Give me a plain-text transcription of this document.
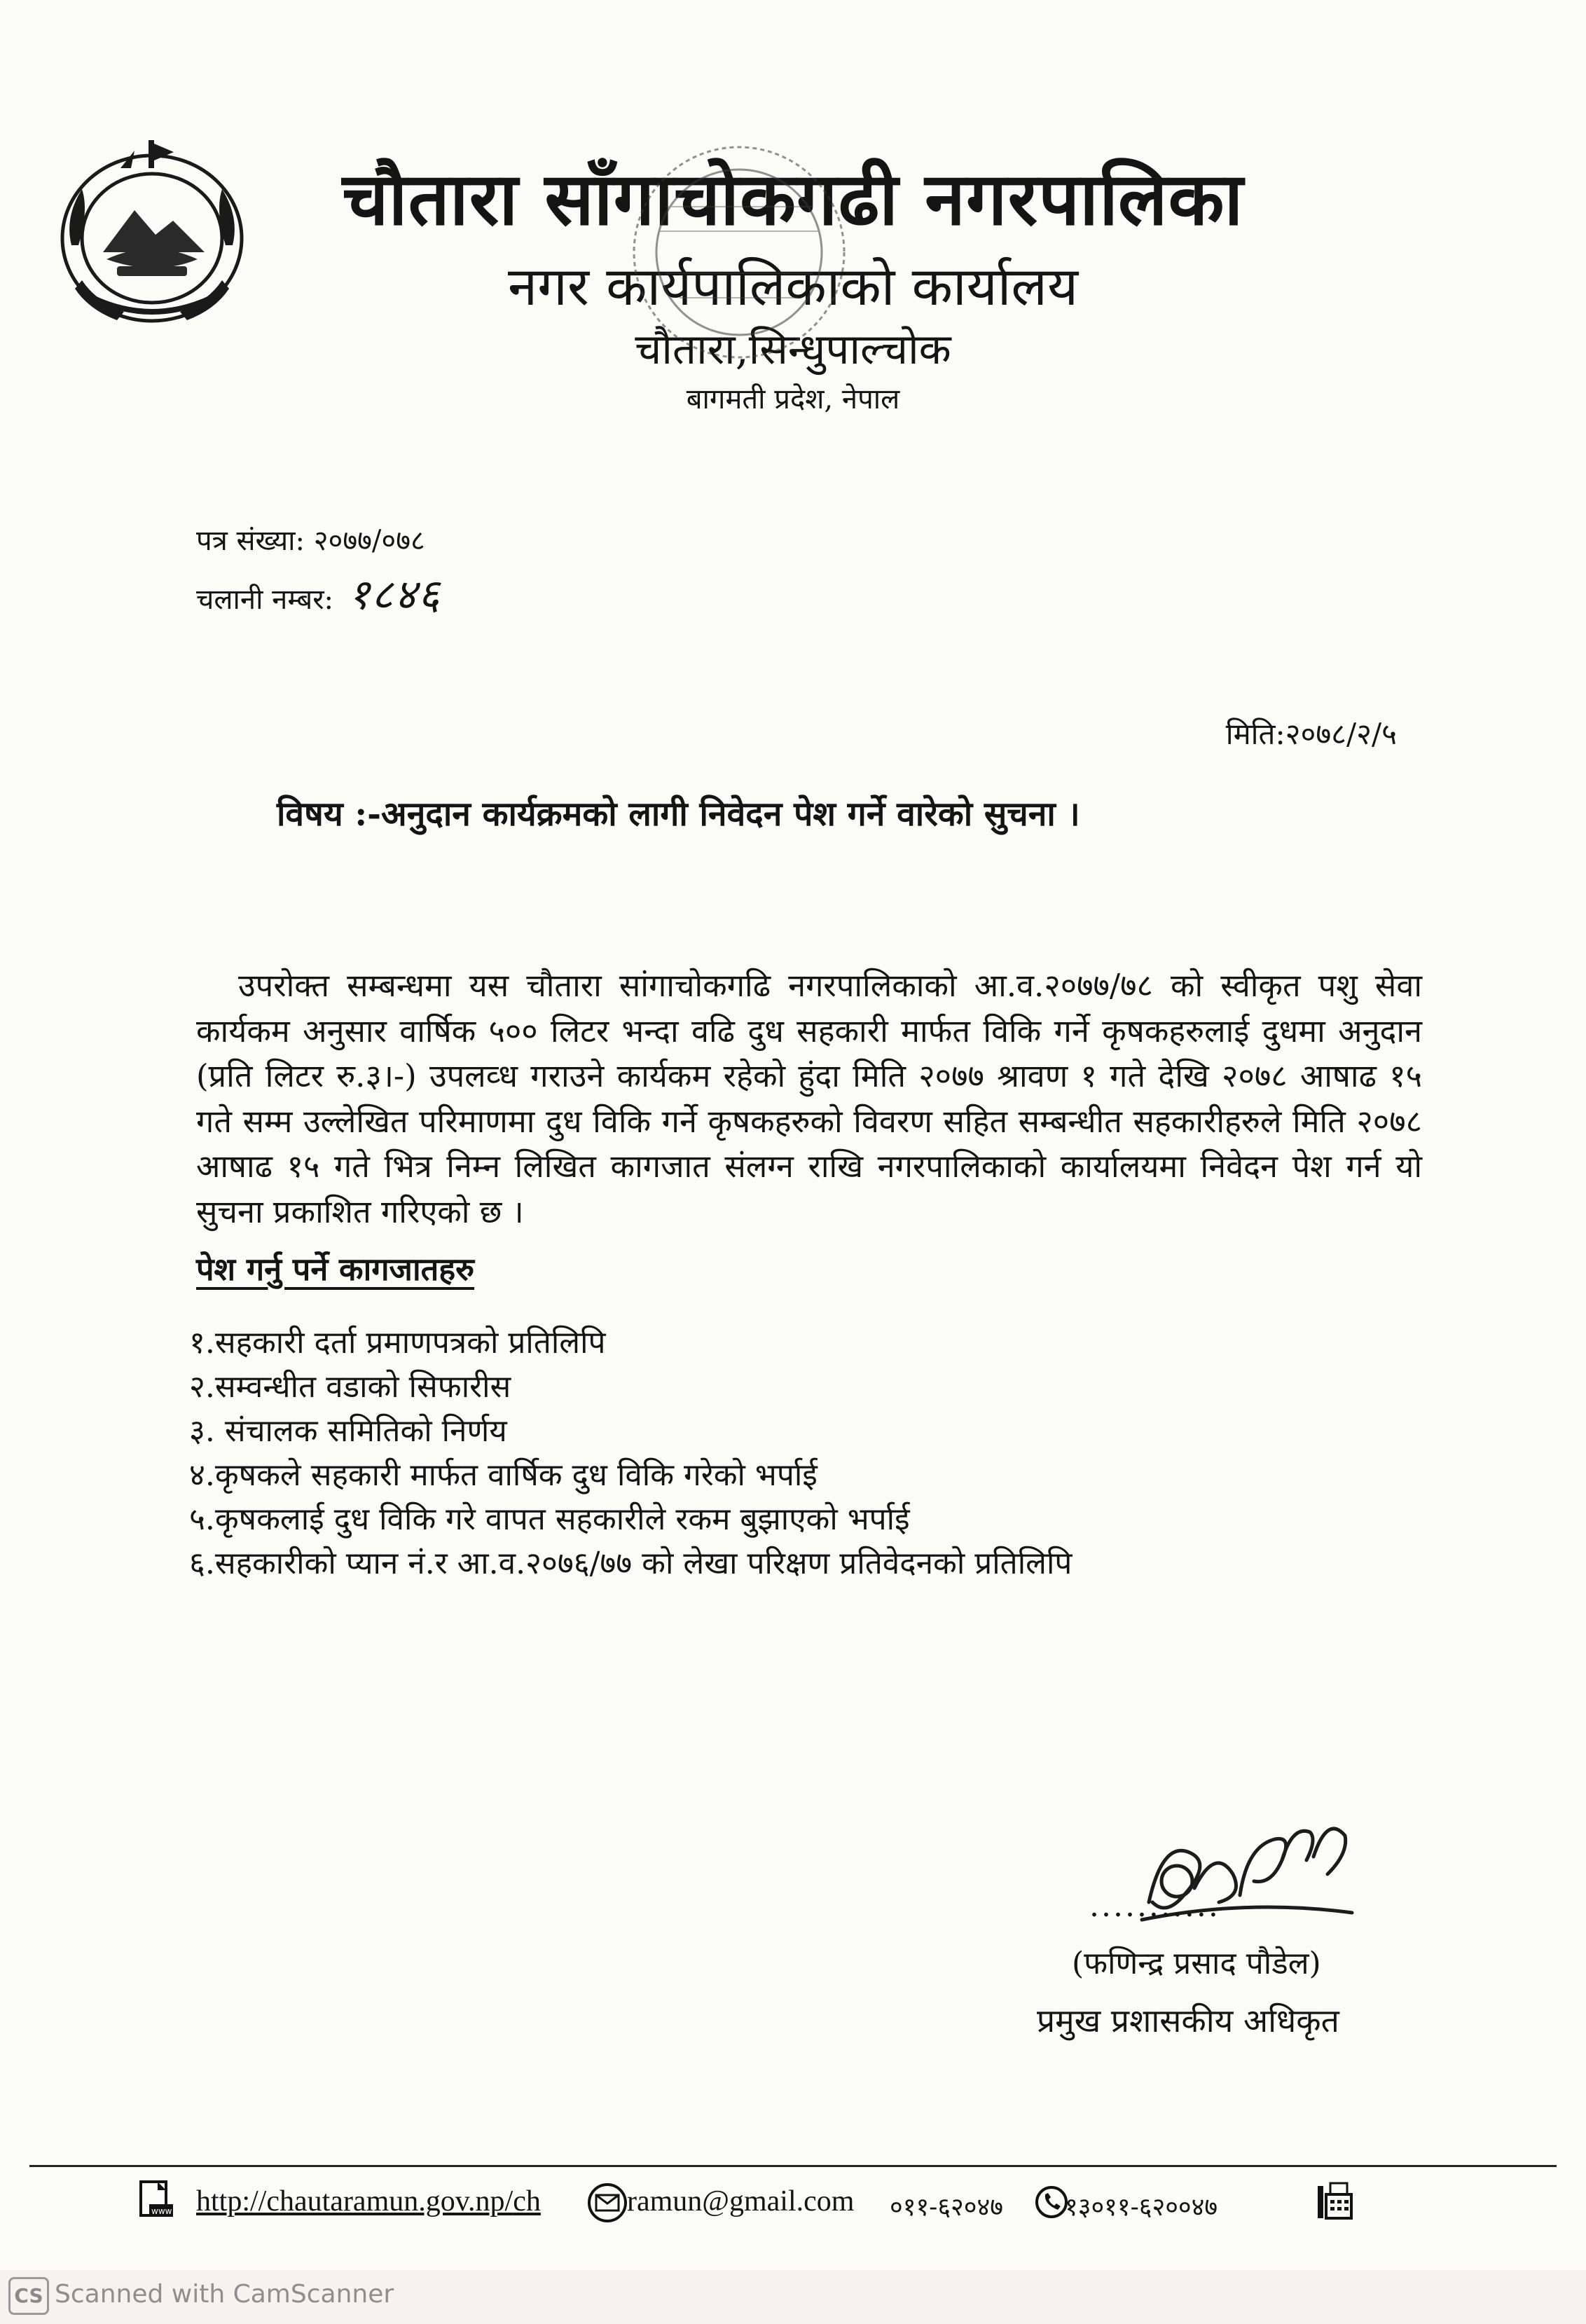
चौतारा साँगाचोकगढी नगरपालिका
नगर कार्यपालिकाको कार्यालय
चौतारा,सिन्धुपाल्चोक
बागमती प्रदेश, नेपाल
पत्र संख्या: २०७७/०७८
चलानी नम्बर: १८४६
मिति:२०७८/२/५
विषय :-अनुदान कार्यक्रमको लागी निवेदन पेश गर्ने वारेको सुचना ।

उपरोक्त सम्बन्धमा यस चौतारा सांगाचोकगढि नगरपालिकाको आ.व.२०७७/७८ को स्वीकृत पशु सेवा कार्यकम अनुसार वार्षिक ५०० लिटर भन्दा वढि दुध सहकारी मार्फत विकि गर्ने कृषकहरुलाई दुधमा अनुदान (प्रति लिटर रु.३।-) उपलव्ध गराउने कार्यकम रहेको हुंदा मिति २०७७ श्रावण १ गते देखि २०७८ आषाढ १५ गते सम्म उल्लेखित परिमाणमा दुध विकि गर्ने कृषकहरुको विवरण सहित सम्बन्धीत सहकारीहरुले मिति २०७८ आषाढ १५ गते भित्र निम्न लिखित कागजात संलग्न राखि नगरपालिकाको कार्यालयमा निवेदन पेश गर्न यो सुचना प्रकाशित गरिएको छ ।

पेश गर्नु पर्ने कागजातहरु
१.सहकारी दर्ता प्रमाणपत्रको प्रतिलिपि
२.सम्वन्धीत वडाको सिफारीस
३. संचालक समितिको निर्णय
४.कृषकले सहकारी मार्फत वार्षिक दुध विकि गरेको भर्पाई
५.कृषकलाई दुध विकि गरे वापत सहकारीले रकम बुझाएको भर्पाई
६.सहकारीको प्यान नं.र आ.व.२०७६/७७ को लेखा परिक्षण प्रतिवेदनको प्रतिलिपि
...........
(फणिन्द्र प्रसाद पौडेल)
प्रमुख प्रशासकीय अधिकृत
www http://chautaramun.gov.np/ch	ramun@gmail.com ०११-६२०४७ १३०११-६२००४७
CS Scanned with CamScanner
